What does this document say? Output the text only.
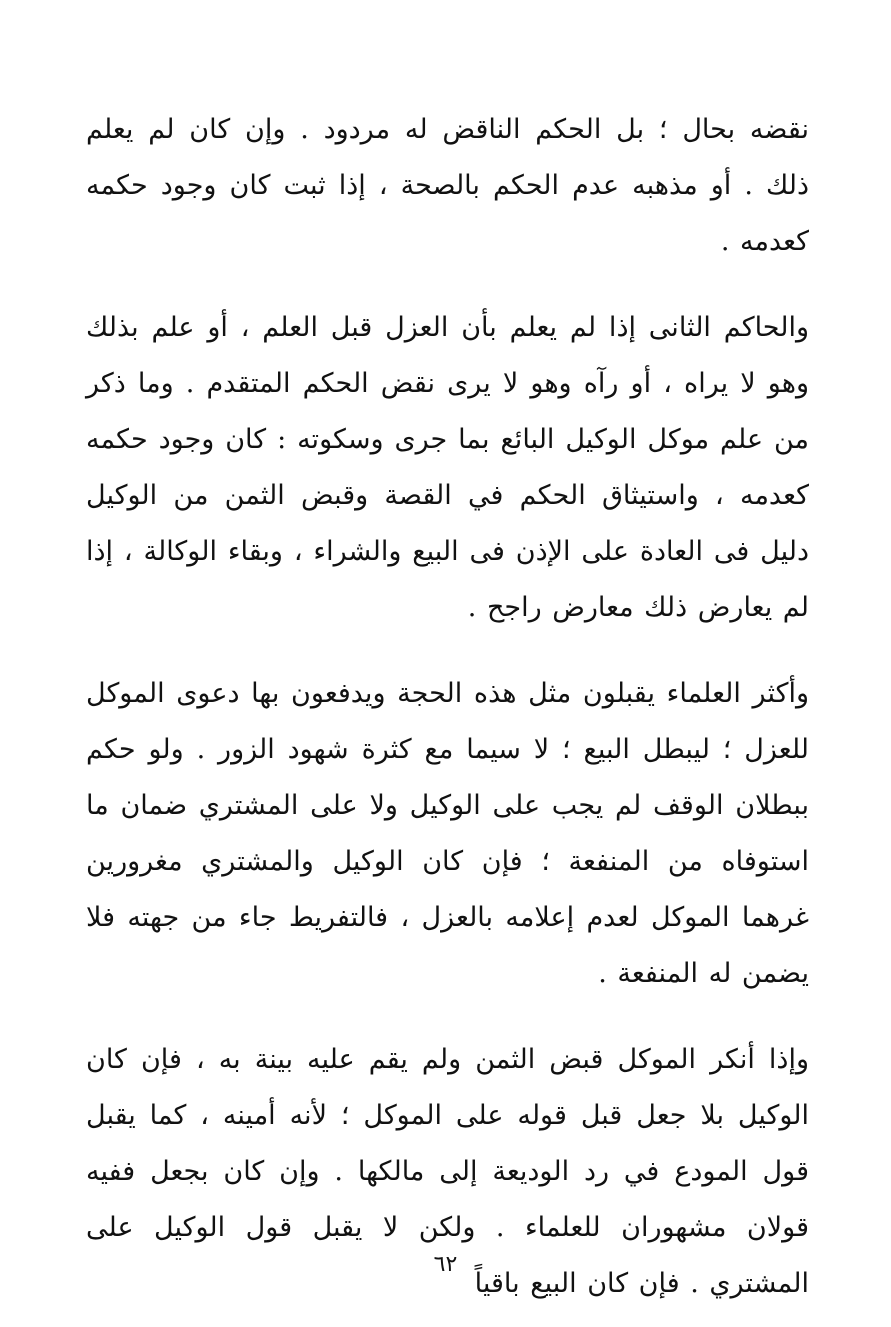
نقضه بحال ؛ بل الحكم الناقض له مردود . وإن كان لم يعلم ذلك . أو مذهبه عدم الحكم بالصحة ، إذا ثبت كان وجود حكمه كعدمه .

والحاكم الثانى إذا لم يعلم بأن العزل قبل العلم ، أو علم بذلك وهو لا يراه ، أو رآه وهو لا يرى نقض الحكم المتقدم . وما ذكر من علم موكل الوكيل البائع بما جرى وسكوته : كان وجود حكمه كعدمه ، واستيثاق الحكم في القصة وقبض الثمن من الوكيل دليل فى العادة على الإذن فى البيع والشراء ، وبقاء الوكالة ، إذا لم يعارض ذلك معارض راجح .

وأكثر العلماء يقبلون مثل هذه الحجة ويدفعون بها دعوى الموكل للعزل ؛ ليبطل البيع ؛ لا سيما مع كثرة شهود الزور . ولو حكم ببطلان الوقف لم يجب على الوكيل ولا على المشتري ضمان ما استوفاه من المنفعة ؛ فإن كان الوكيل والمشتري مغرورين غرهما الموكل لعدم إعلامه بالعزل ، فالتفريط جاء من جهته فلا يضمن له المنفعة .

وإذا أنكر الموكل قبض الثمن ولم يقم عليه بينة به ، فإن كان الوكيل بلا جعل قبل قوله على الموكل ؛ لأنه أمينه ، كما يقبل قول المودع في رد الوديعة إلى مالكها . وإن كان بجعل ففيه قولان مشهوران للعلماء . ولكن لا يقبل قول الوكيل على المشتري . فإن كان البيع باقياً

٦٢
